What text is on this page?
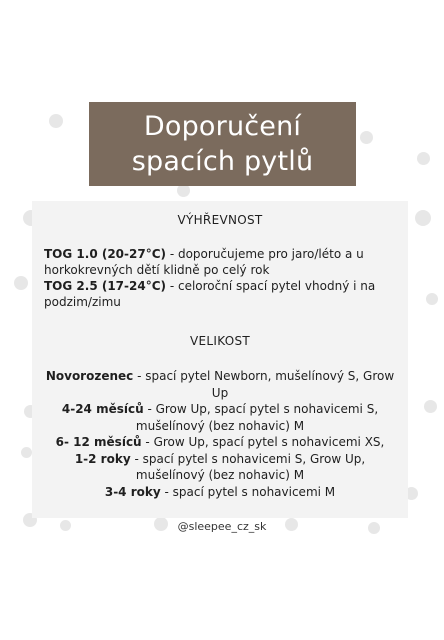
Doporučení
spacích pytlů
VÝHŘEVNOST

TOG 1.0 (20-27°C) - doporučujeme pro jaro/léto a u horkokrevných dětí klidně po celý rok

TOG 2.5 (17-24°C) - celoroční spací pytel vhodný i na podzim/zimu

VELIKOST

Novorozenec - spací pytel Newborn, mušelínový S, Grow Up

4-24 měsíců - Grow Up, spací pytel s nohavicemi S, mušelínový (bez nohavic) M

6- 12 měsíců - Grow Up, spací pytel s nohavicemi XS,

1-2 roky - spací pytel s nohavicemi S, Grow Up, mušelínový (bez nohavic) M

3-4 roky - spací pytel s nohavicemi M

@sleepee_cz_sk
